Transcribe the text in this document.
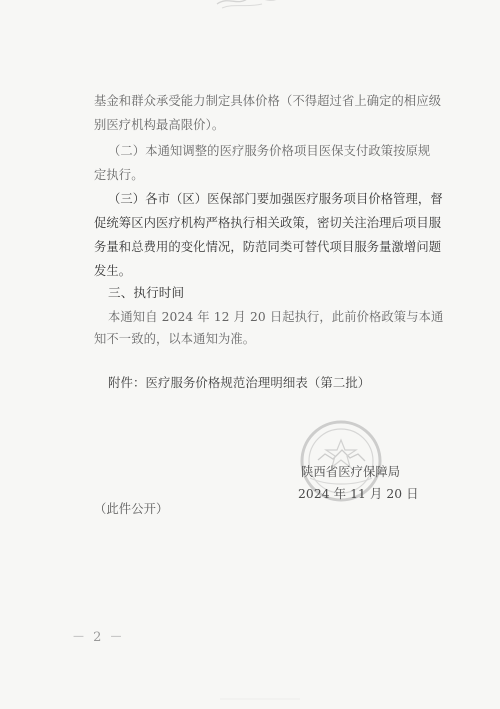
基金和群众承受能力制定具体价格（不得超过省上确定的相应级
别医疗机构最高限价）。
（二）本通知调整的医疗服务价格项目医保支付政策按原规
定执行。
（三）各市（区）医保部门要加强医疗服务项目价格管理，督
促统筹区内医疗机构严格执行相关政策，密切关注治理后项目服
务量和总费用的变化情况，防范同类可替代项目服务量激增问题
发生。
三、执行时间
本通知自 2024 年 12 月 20 日起执行，此前价格政策与本通
知不一致的，以本通知为准。
附件：医疗服务价格规范治理明细表（第二批）
陕西省医疗保障局
2024 年 11 月 20 日
（此件公开）
－ 2 －
